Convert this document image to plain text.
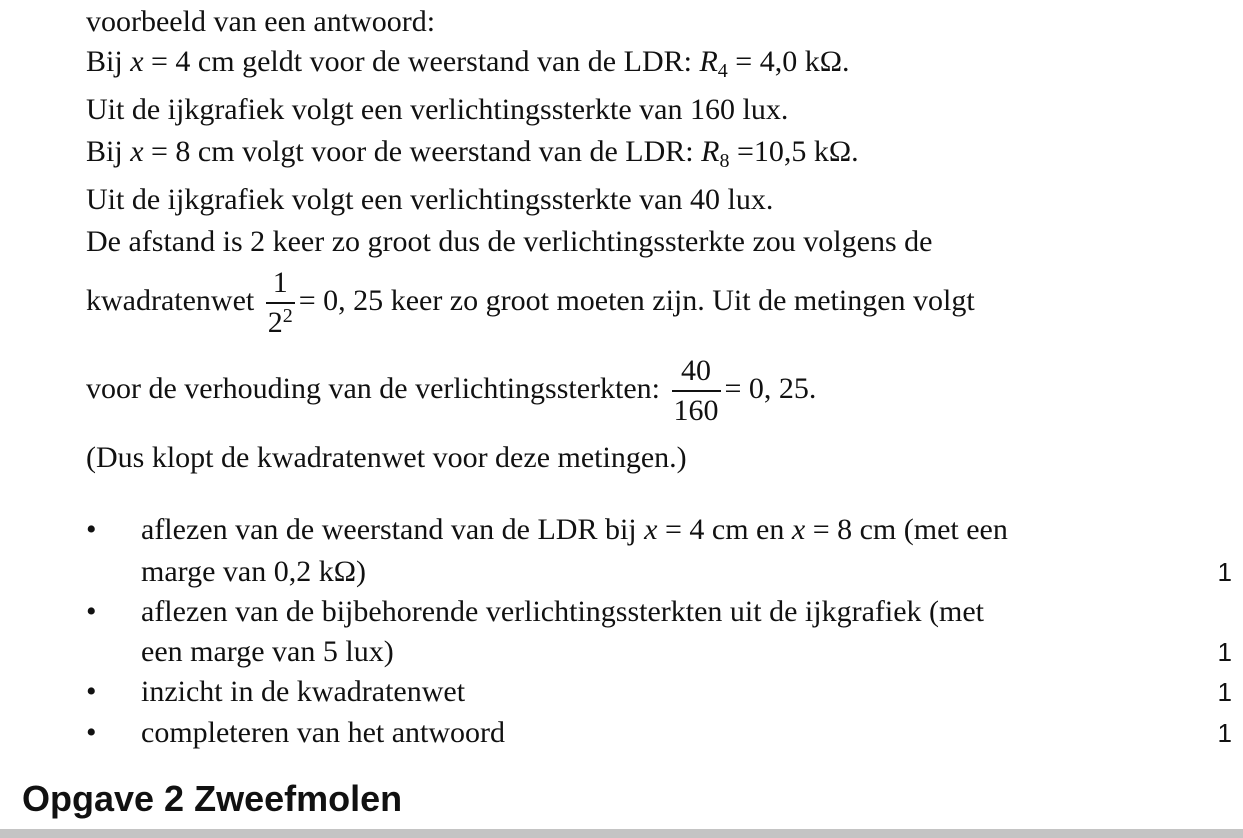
voorbeeld van een antwoord:
Bij x = 4 cm geldt voor de weerstand van de LDR: $R_4 = 4,0$ kΩ.
Uit de ijkgrafiek volgt een verlichtingssterkte van 160 lux.
Bij x = 8 cm volgt voor de weerstand van de LDR: $R_8 =10,5$ kΩ.
Uit de ijkgrafiek volgt een verlichtingssterkte van 40 lux.
De afstand is 2 keer zo groot dus de verlichtingssterkte zou volgens de
kwadratenwet $\frac{1}{2^2} = 0$, 25 keer zo groot moeten zijn. Uit de metingen volgt
voor de verhouding van de verlichtingssterkten: $\frac{40}{160} = 0$, 25.
(Dus klopt de kwadratenwet voor deze metingen.)
• aflezen van de weerstand van de LDR bij x = 4 cm en x = 8 cm (met een
marge van 0,2 kΩ)	1
• aflezen van de bijbehorende verlichtingssterkten uit de ijkgrafiek (met
een marge van 5 lux)	1
• inzicht in de kwadratenwet	1
• completeren van het antwoord	1
Opgave 2 Zweefmolen
